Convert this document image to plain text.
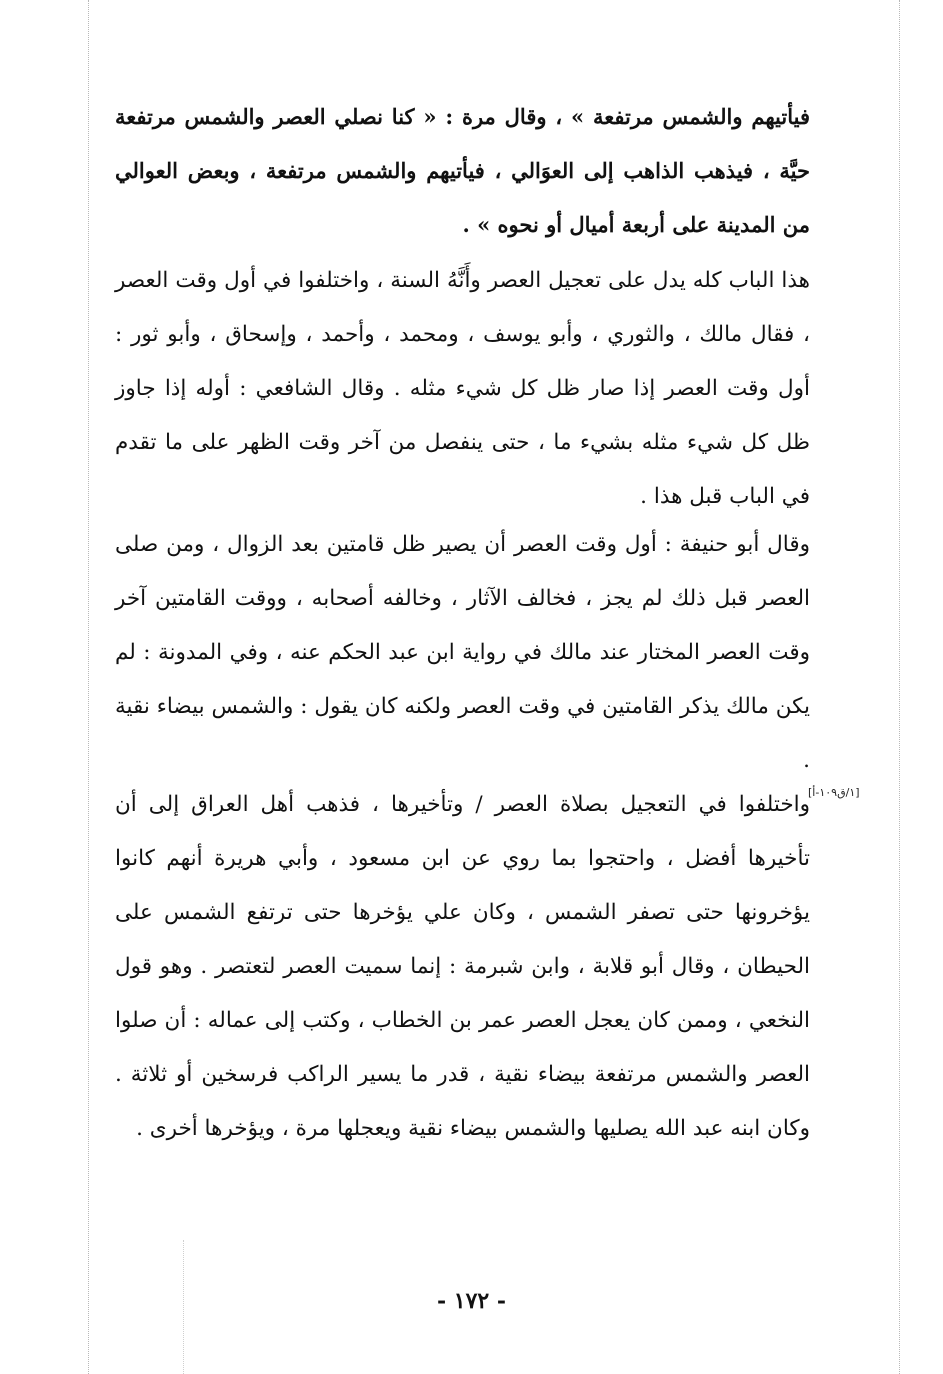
فيأتيهم والشمس مرتفعة » ، وقال مرة : « كنا نصلي العصر والشمس مرتفعة حيَّة ، فيذهب الذاهب إلى العوَالي ، فيأتيهم والشمس مرتفعة ، وبعض العوالي من المدينة على أربعة أميال أو نحوه » .

هذا الباب كله يدل على تعجيل العصر وأَنَّهُ السنة ، واختلفوا في أول وقت العصر ، فقال مالك ، والثوري ، وأبو يوسف ، ومحمد ، وأحمد ، وإسحاق ، وأبو ثور : أول وقت العصر إذا صار ظل كل شيء مثله . وقال الشافعي : أوله إذا جاوز ظل كل شيء مثله بشيء ما ، حتى ينفصل من آخر وقت الظهر على ما تقدم في الباب قبل هذا .

وقال أبو حنيفة : أول وقت العصر أن يصير ظل قامتين بعد الزوال ، ومن صلى العصر قبل ذلك لم يجز ، فخالف الآثار ، وخالفه أصحابه ، ووقت القامتين آخر وقت العصر المختار عند مالك في رواية ابن عبد الحكم عنه ، وفي المدونة : لم يكن مالك يذكر القامتين في وقت العصر ولكنه كان يقول : والشمس بيضاء نقية .

واختلفوا في التعجيل بصلاة العصر / وتأخيرها ، فذهب أهل العراق إلى أن تأخيرها أفضل ، واحتجوا بما روي عن ابن مسعود ، وأبي هريرة أنهم كانوا يؤخرونها حتى تصفر الشمس ، وكان علي يؤخرها حتى ترتفع الشمس على الحيطان ، وقال أبو قلابة ، وابن شبرمة : إنما سميت العصر لتعتصر . وهو قول النخعي ، وممن كان يعجل العصر عمر بن الخطاب ، وكتب إلى عماله : أن صلوا العصر والشمس مرتفعة بيضاء نقية ، قدر ما يسير الراكب فرسخين أو ثلاثة . وكان ابنه عبد الله يصليها والشمس بيضاء نقية ويعجلها مرة ، ويؤخرها أخرى .

[١/ق١٠٩-أ]
- ١٧٢ -
